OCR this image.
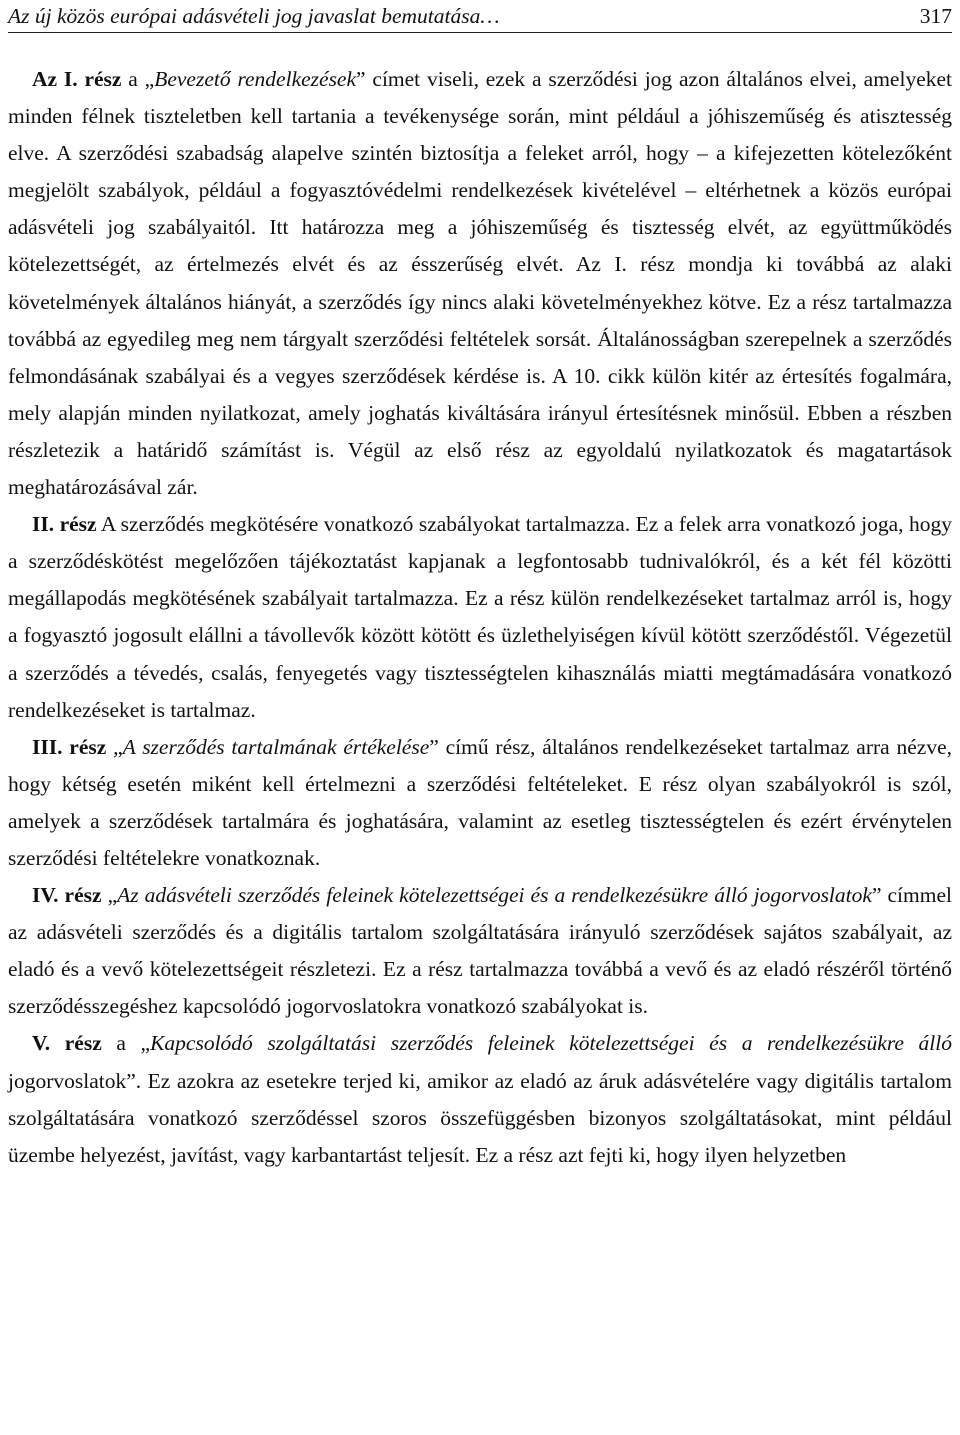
Az új közös európai adásvételi jog javaslat bemutatása…	317

Az I. rész a „Bevezető rendelkezések” címet viseli, ezek a szerződési jog azon általános elvei, amelyeket minden félnek tiszteletben kell tartania a tevékenysége során, mint például a jóhiszeműség és atisztesség elve. A szerződési szabadság alapelve szintén biztosítja a feleket arról, hogy – a kifejezetten kötelezőként megjelölt szabályok, például a fogyasztóvédelmi rendelkezések kivételével – eltérhetnek a közös európai adásvételi jog szabályaitól. Itt határozza meg a jóhiszeműség és tisztesség elvét, az együttműködés kötelezettségét, az értelmezés elvét és az ésszerűség elvét. Az I. rész mondja ki továbbá az alaki követelmények általános hiányát, a szerződés így nincs alaki követelményekhez kötve. Ez a rész tartalmazza továbbá az egyedileg meg nem tárgyalt szerződési feltételek sorsát. Általánosságban szerepelnek a szerződés felmondásának szabályai és a vegyes szerződések kérdése is. A 10. cikk külön kitér az értesítés fogalmára, mely alapján minden nyilatkozat, amely joghatás kiváltására irányul értesítésnek minősül. Ebben a részben részletezik a határidő számítást is. Végül az első rész az egyoldalú nyilatkozatok és magatartások meghatározásával zár.

II. rész A szerződés megkötésére vonatkozó szabályokat tartalmazza. Ez a felek arra vonatkozó joga, hogy a szerződéskötést megelőzően tájékoztatást kapjanak a legfontosabb tudnivalókról, és a két fél közötti megállapodás megkötésének szabályait tartalmazza. Ez a rész külön rendelkezéseket tartalmaz arról is, hogy a fogyasztó jogosult elállni a távollevők között kötött és üzlethelyiségen kívül kötött szerződéstől. Végezetül a szerződés a tévedés, csalás, fenyegetés vagy tisztességtelen kihasználás miatti megtámadására vonatkozó rendelkezéseket is tartalmaz.

III. rész „A szerződés tartalmának értékelése” című rész, általános rendelkezéseket tartalmaz arra nézve, hogy kétség esetén miként kell értelmezni a szerződési feltételeket. E rész olyan szabályokról is szól, amelyek a szerződések tartalmára és joghatására, valamint az esetleg tisztességtelen és ezért érvénytelen szerződési feltételekre vonatkoznak.

IV. rész „Az adásvételi szerződés feleinek kötelezettségei és a rendelkezésükre álló jogorvoslatok” címmel az adásvételi szerződés és a digitális tartalom szolgáltatására irányuló szerződések sajátos szabályait, az eladó és a vevő kötelezettségeit részletezi. Ez a rész tartalmazza továbbá a vevő és az eladó részéről történő szerződésszegéshez kapcsolódó jogorvoslatokra vonatkozó szabályokat is.

V. rész a „Kapcsolódó szolgáltatási szerződés feleinek kötelezettségei és a rendelkezésükre álló jogorvoslatok”. Ez azokra az esetekre terjed ki, amikor az eladó az áruk adásvételére vagy digitális tartalom szolgáltatására vonatkozó szerződéssel szoros összefüggésben bizonyos szolgáltatásokat, mint például üzembe helyezést, javítást, vagy karbantartást teljesít. Ez a rész azt fejti ki, hogy ilyen helyzetben
